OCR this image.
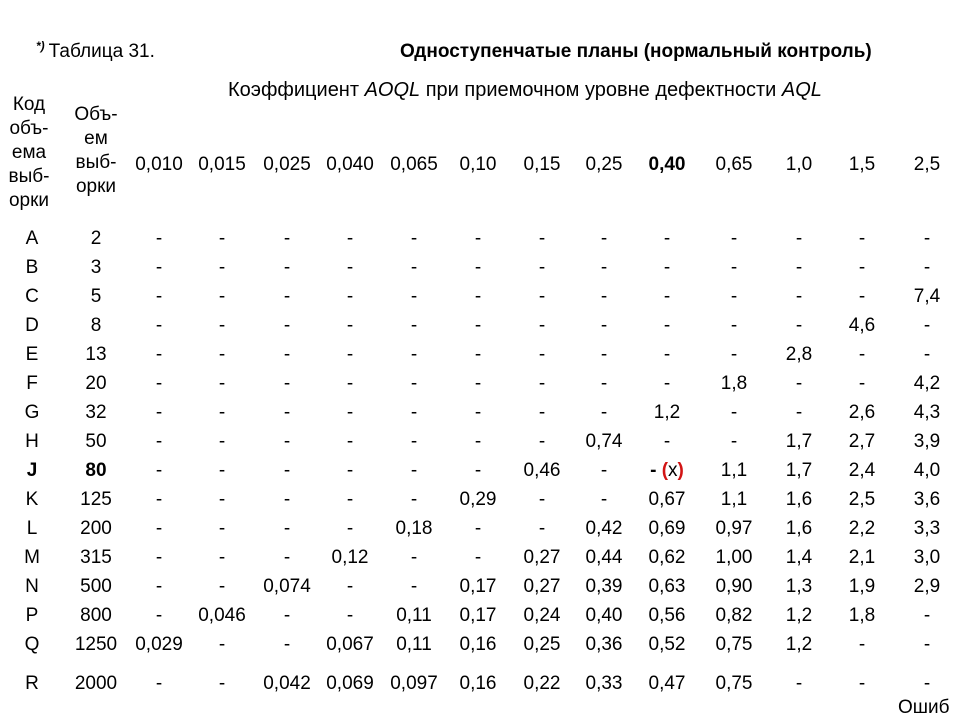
*) Таблица 31.	Одноступенчатые планы (нормальный контроль)
Коэффициент AOQL при приемочном уровне дефектности AQL
Код
объ-
ема
выб-
орки
Объ-
ем
выб-
орки
0,010 0,015 0,025 0,040 0,065	0,10	0,15	0,25	0,40	0,65	1,0	1,5	2,5
A	2	-	-	-	-	-	-	-	-	-	-	-	-	-
B	3	-	-	-	-	-	-	-	-	-	-	-	-	-
C	5	-	-	-	-	-	-	-	-	-	-	-	-	7,4
D	8	-	-	-	-	-	-	-	-	-	-	-	4,6	-
E	13	-	-	-	-	-	-	-	-	-	-	2,8	-	-
F	20	-	-	-	-	-	-	-	-	-	1,8	-	-	4,2
G	32	-	-	-	-	-	-	-	-	1,2	-	-	2,6	4,3
H	50	-	-	-	-	-	-	-	0,74	-	-	1,7	2,7	3,9
J	80	-	-	-	-	-	-	0,46	-	- (x)	1,1	1,7	2,4	4,0
K	125	-	-	-	-	-	0,29	-	-	0,67	1,1	1,6	2,5	3,6
L	200	-	-	-	-	0,18	-	-	0,42	0,69	0,97	1,6	2,2	3,3
M	315	-	-	-	0,12	-	-	0,27	0,44	0,62	1,00	1,4	2,1	3,0
N	500	-	-	0,074	-	-	0,17	0,27	0,39	0,63	0,90	1,3	1,9	2,9
P	800	-	0,046	-	-	0,11	0,17	0,24	0,40	0,56	0,82	1,2	1,8	-
Q	1250 0,029	-	-	0,067	0,11	0,16	0,25	0,36	0,52	0,75	1,2	-	-
R	2000	-	-	0,042 0,069 0,097	0,16	0,22	0,33	0,47	0,75	-	-	-
Ошиб
